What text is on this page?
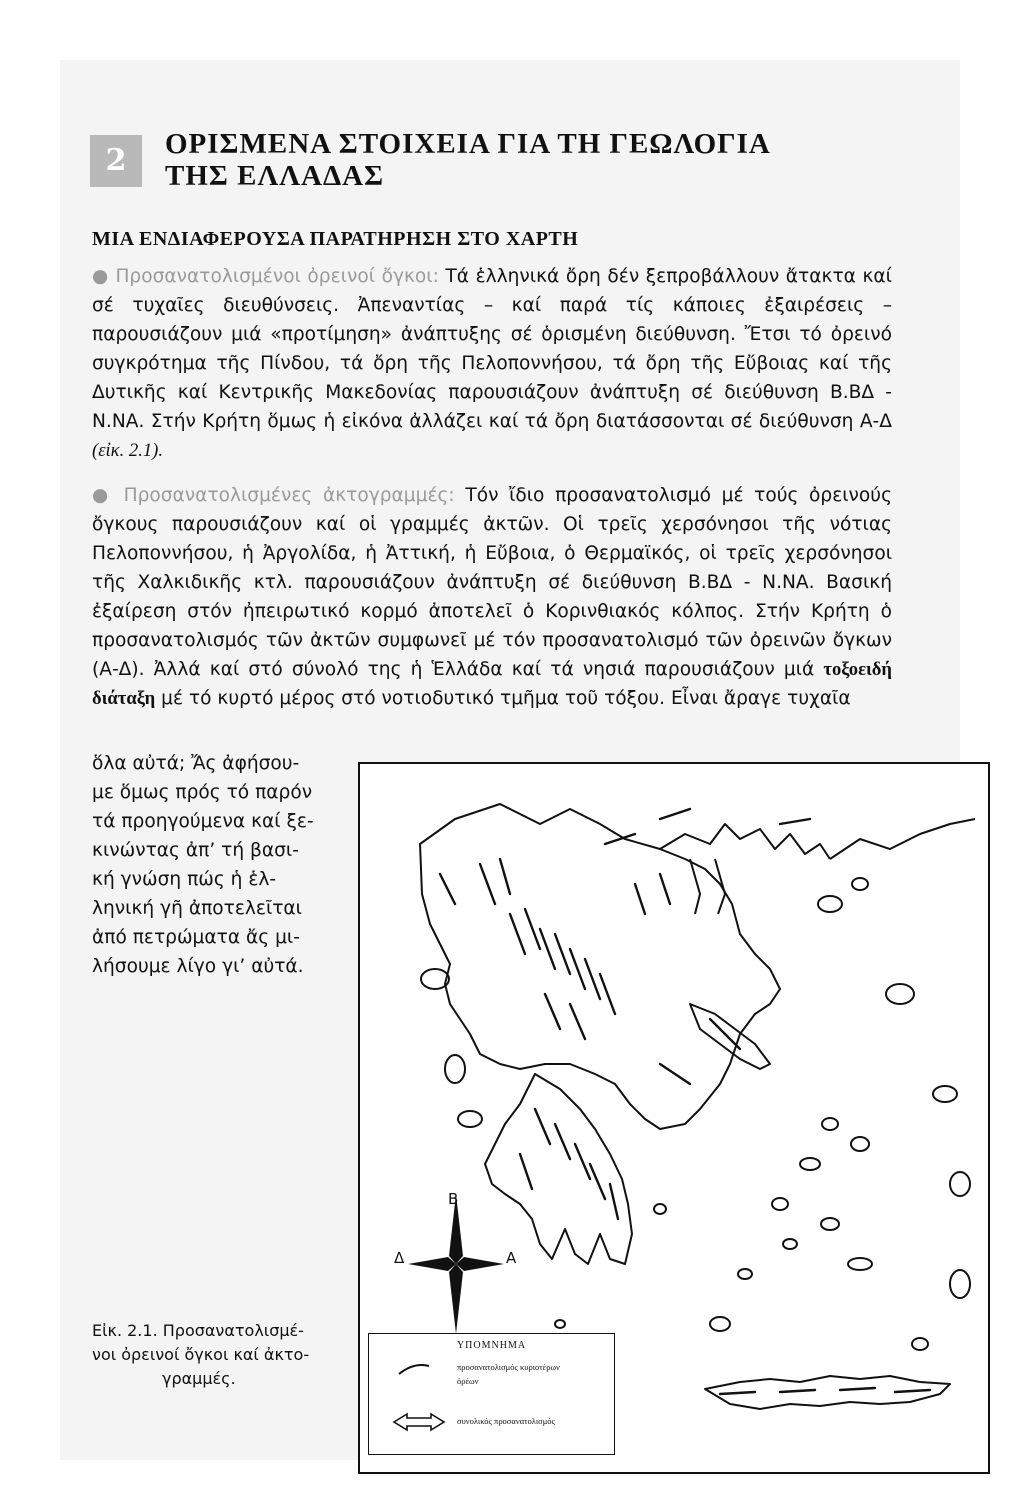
2	ΟΡΙΣΜΕΝΑ ΣΤΟΙΧΕΙΑ ΓΙΑ ΤΗ ΓΕΩΛΟΓΙΑ
ΤΗΣ ΕΛΛΑΔΑΣ
ΜΙΑ ΕΝΔΙΑΦΕΡΟΥΣΑ ΠΑΡΑΤΗΡΗΣΗ ΣΤΟ ΧΑΡΤΗ
● Προσανατολισμένοι ὀρεινοί ὄγκοι: Τά ἑλληνικά ὄρη δέν ξεπροβάλλουν ἄτακτα καί σέ τυχαῖες διευθύνσεις. Ἀπεναντίας – καί παρά τίς κάποιες ἐξαιρέσεις – παρουσιάζουν μιά «προτίμηση» ἀνάπτυξης σέ ὁρισμένη διεύθυνση. Ἔτσι τό ὀρεινό συγκρότημα τῆς Πίνδου, τά ὄρη τῆς Πελοποννήσου, τά ὄρη τῆς Εὔβοιας καί τῆς Δυτικῆς καί Κεντρικῆς Μακεδονίας παρουσιάζουν ἀνάπτυξη σέ διεύθυνση Β.ΒΔ - Ν.ΝΑ. Στήν Κρήτη ὅμως ἡ εἰκόνα ἀλλάζει καί τά ὄρη διατάσσονται σέ διεύθυνση Α-Δ (εἰκ. 2.1).
● Προσανατολισμένες ἀκτογραμμές: Τόν ἴδιο προσανατολισμό μέ τούς ὀρεινούς ὄγκους παρουσιάζουν καί οἱ γραμμές ἀκτῶν. Οἱ τρεῖς χερσόνησοι τῆς νότιας Πελοποννήσου, ἡ Ἀργολίδα, ἡ Ἀττική, ἡ Εὔβοια, ὁ Θερμαϊκός, οἱ τρεῖς χερσόνησοι τῆς Χαλκιδικῆς κτλ. παρουσιάζουν ἀνάπτυξη σέ διεύθυνση Β.ΒΔ - Ν.ΝΑ. Βασική ἐξαίρεση στόν ἠπειρωτικό κορμό ἀποτελεῖ ὁ Κορινθιακός κόλπος. Στήν Κρήτη ὁ προσανατολισμός τῶν ἀκτῶν συμφωνεῖ μέ τόν προσανατολισμό τῶν ὀρεινῶν ὄγκων (Α-Δ). Ἀλλά καί στό σύνολό της ἡ Ἑλλάδα καί τά νησιά παρουσιάζουν μιά τοξοειδή διάταξη μέ τό κυρτό μέρος στό νοτιοδυτικό τμῆμα τοῦ τόξου. Εἶναι ἄραγε τυχαῖα
ὅλα αὐτά; Ἄς ἀφήσου-
με ὅμως πρός τό παρόν
τά προηγούμενα καί ξε-
κινώντας ἀπ’ τή βασι-
κή γνώση πώς ἡ ἑλ-
ληνική γῆ ἀποτελεῖται
ἀπό πετρώματα ἄς μι-
λήσουμε λίγο γι’ αὐτά.
Εἰκ. 2.1. Προσανατολισμέ-
νοι ὀρεινοί ὄγκοι καί ἀκτο-
γραμμές.
Β
Α
Δ
ΥΠΟΜΝΗΜΑ
προσανατολισμός κυριοτέρων
ὀρέων
συνολικός προσανατολισμός
